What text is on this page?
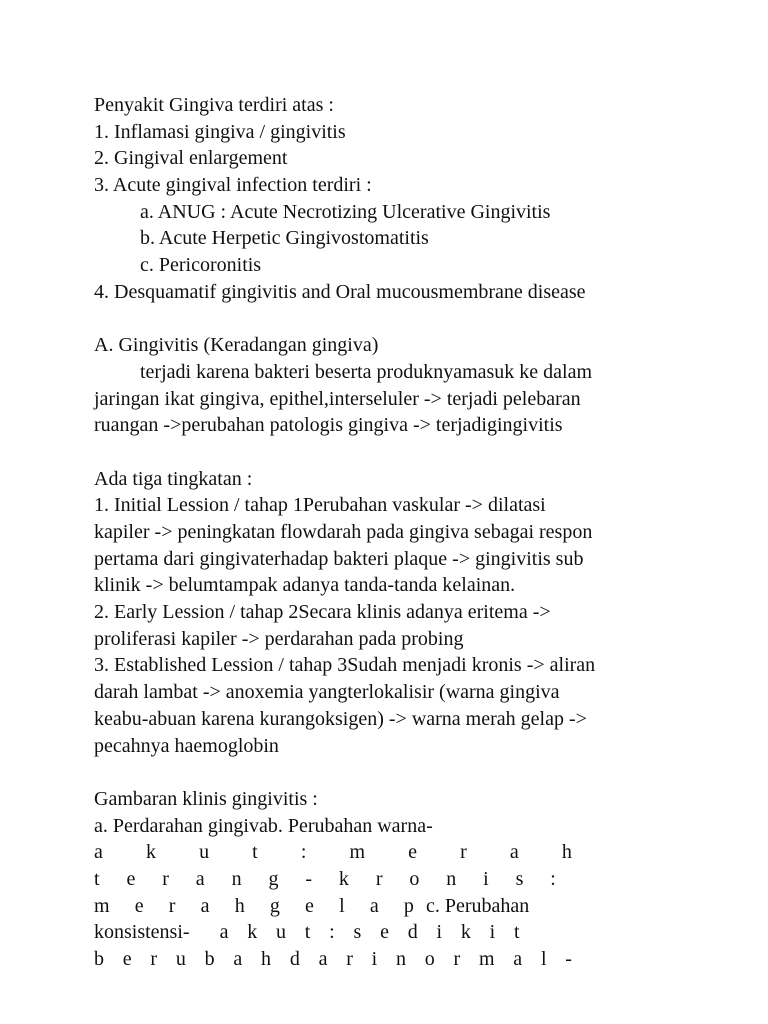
Penyakit Gingiva terdiri atas :
1. Inflamasi gingiva / gingivitis
2. Gingival enlargement
3. Acute gingival infection terdiri :
a. ANUG : Acute Necrotizing Ulcerative Gingivitis
b. Acute Herpetic Gingivostomatitis
c. Pericoronitis
4. Desquamatif gingivitis and Oral mucousmembrane disease
A. Gingivitis (Keradangan gingiva)
terjadi karena bakteri beserta produknyamasuk ke dalam
jaringan ikat gingiva, epithel,interseluler -> terjadi pelebaran
ruangan ->perubahan patologis gingiva -> terjadigingivitis
Ada tiga tingkatan :
1. Initial Lession / tahap 1Perubahan vaskular -> dilatasi
kapiler -> peningkatan flowdarah pada gingiva sebagai respon
pertama dari gingivaterhadap bakteri plaque -> gingivitis sub
klinik -> belumtampak adanya tanda-tanda kelainan.
2. Early Lession / tahap 2Secara klinis adanya eritema ->
proliferasi kapiler -> perdarahan pada probing
3. Established Lession / tahap 3Sudah menjadi kronis -> aliran
darah lambat -> anoxemia yangterlokalisir (warna gingiva
keabu-abuan karena kurangoksigen) -> warna merah gelap ->
pecahnya haemoglobin
Gambaran klinis gingivitis :
a. Perdarahan gingivab. Perubahan warna-
a k u t : m e r a h
t e r a n g - k r o n i s :
m e r a h g e l a p c. Perubahan
konsistensi- a k u t : s e d i k i t
b e r u b a h d a r i n o r m a l -
